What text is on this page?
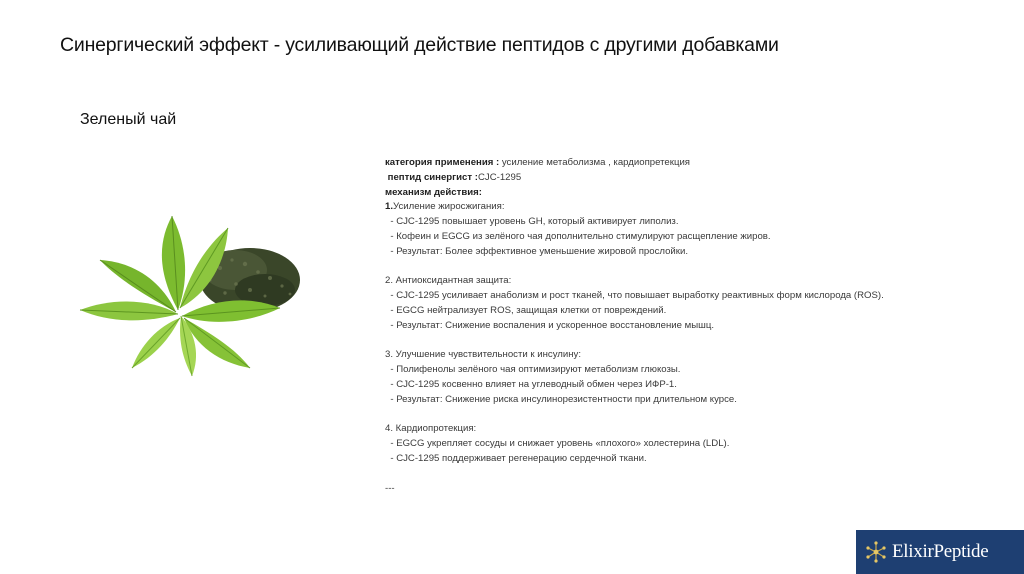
Синергический эффект - усиливающий действие пептидов с другими добавками
Зеленый чай
категория применения : усиление метаболизма , кардиопретекция
пептид синергист :CJC-1295
механизм действия:
1.Усиление жиросжигания:
- CJC-1295 повышает уровень GH, который активирует липолиз.
- Кофеин и EGCG из зелёного чая дополнительно стимулируют расщепление жиров.
- Результат: Более эффективное уменьшение жировой прослойки.
2. Антиоксидантная защита:
- CJC-1295 усиливает анаболизм и рост тканей, что повышает выработку реактивных форм кислорода (ROS).
- EGCG нейтрализует ROS, защищая клетки от повреждений.
- Результат: Снижение воспаления и ускоренное восстановление мышц.
3. Улучшение чувствительности к инсулину:
- Полифенолы зелёного чая оптимизируют метаболизм глюкозы.
- CJC-1295 косвенно влияет на углеводный обмен через ИФР-1.
- Результат: Снижение риска инсулинорезистентности при длительном курсе.
4. Кардиопротекция:
- EGCG укрепляет сосуды и снижает уровень «плохого» холестерина (LDL).
- CJC-1295 поддерживает регенерацию сердечной ткани.
---
ElixirPeptide
